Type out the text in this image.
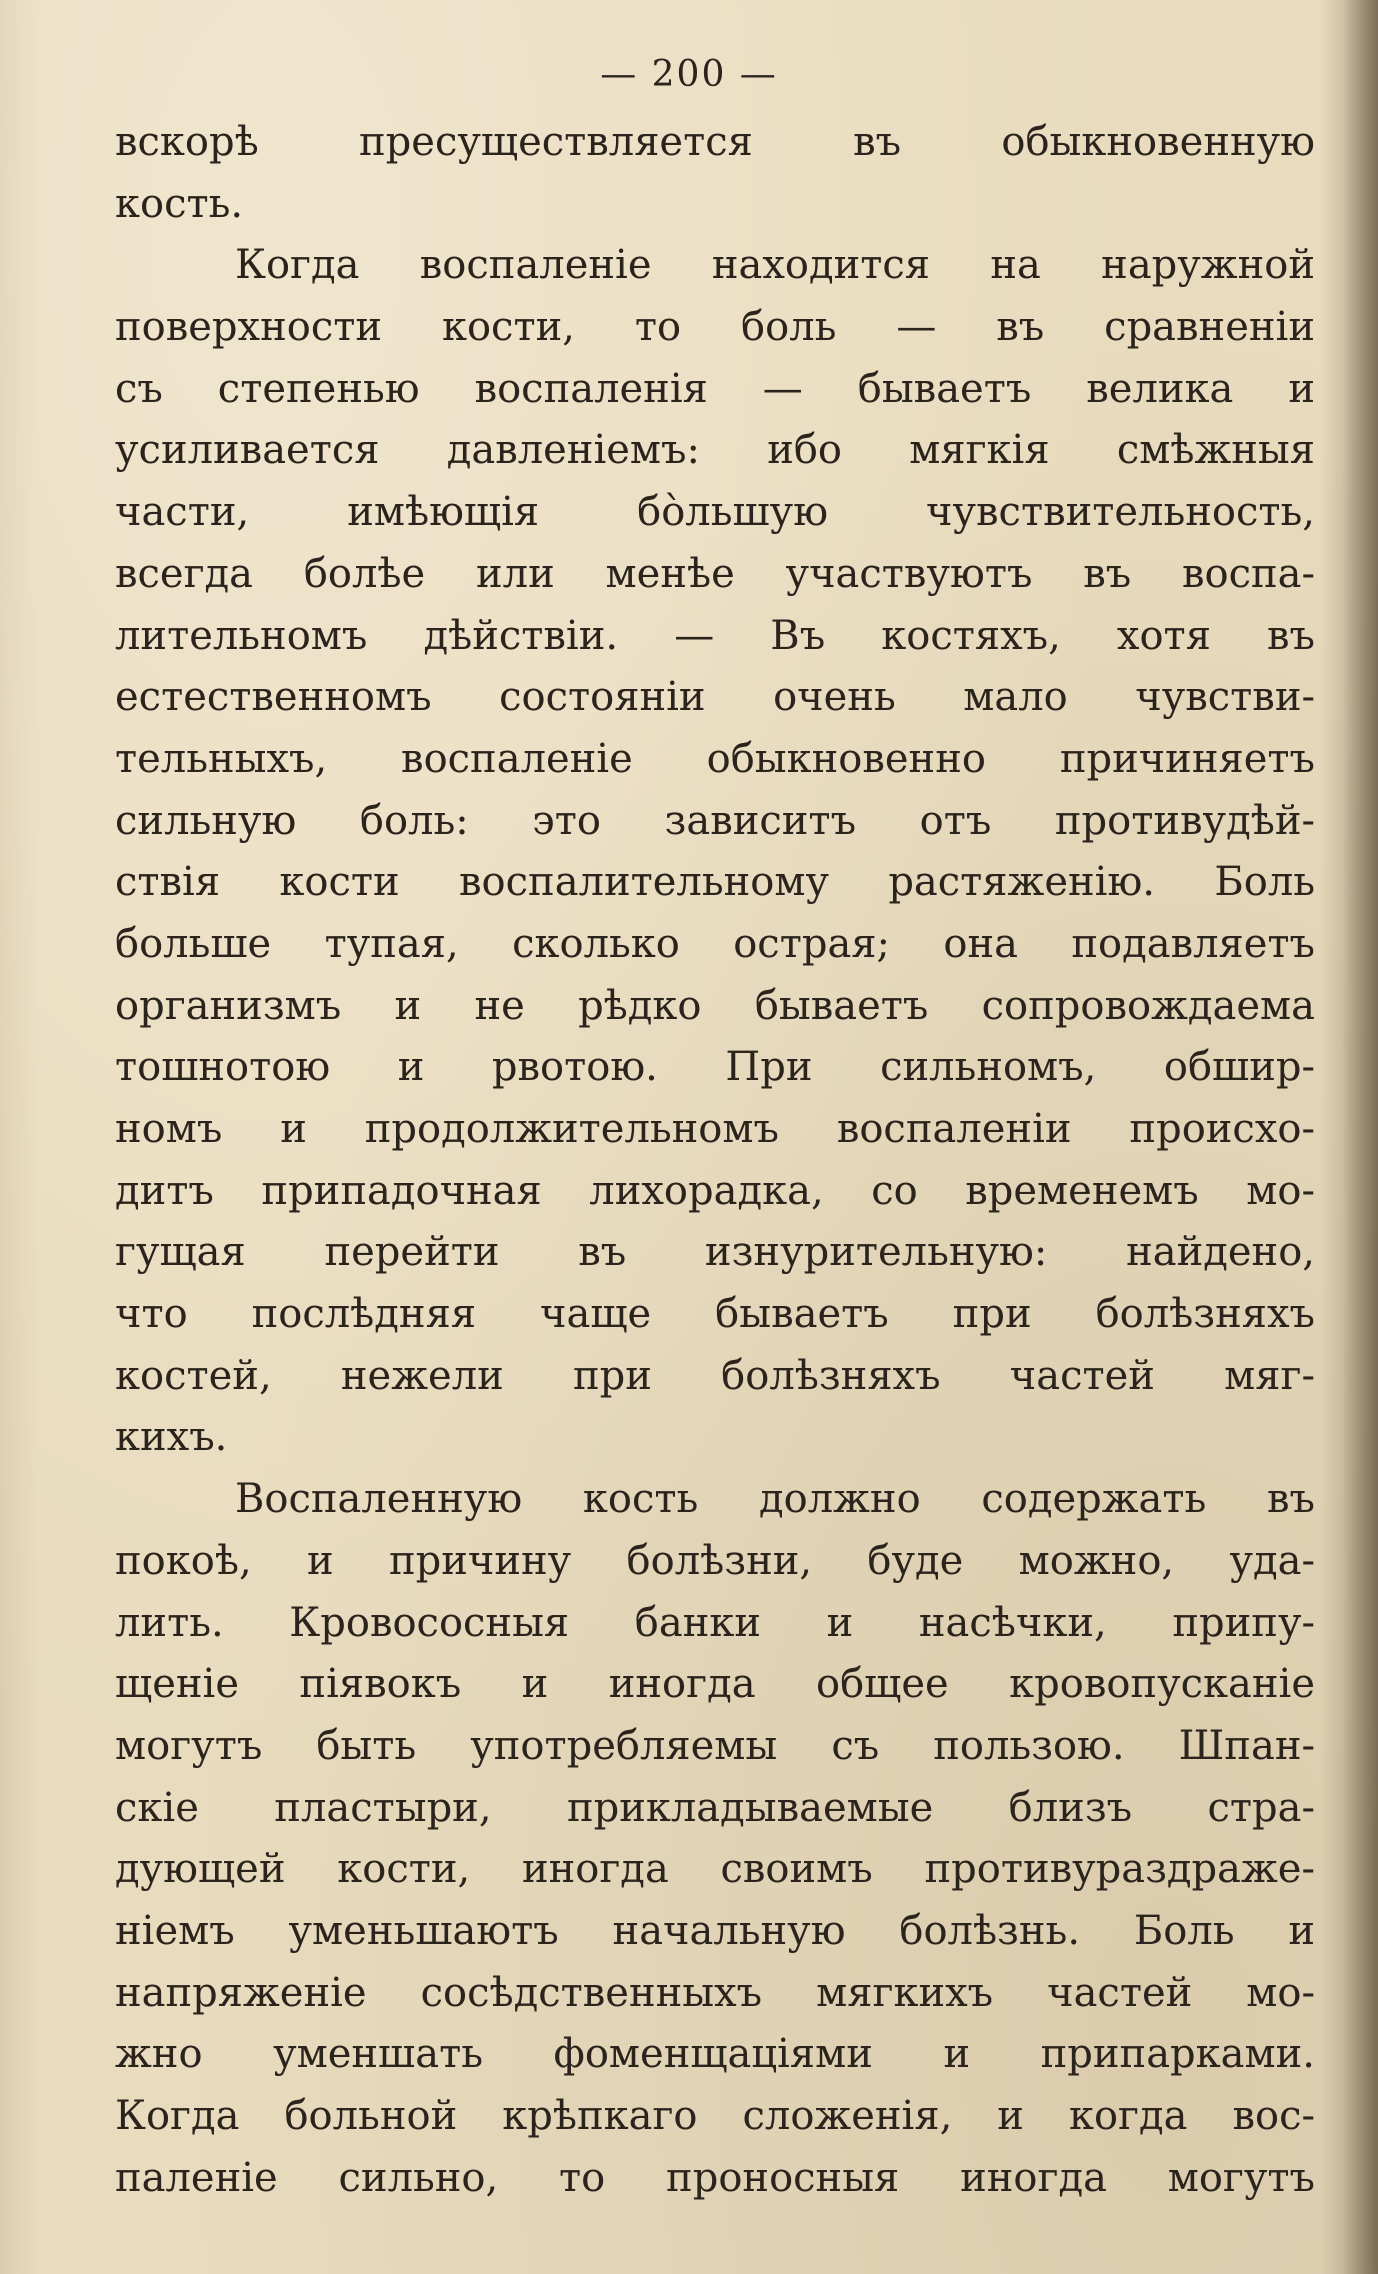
— 200 —
вскорѣ пресуществляется въ обыкновенную
кость.
Когда воспаленіе находится на наружной
поверхности кости, то боль — въ сравненіи
съ степенью воспаленія — бываетъ велика и
усиливается давленіемъ: ибо мягкія смѣжныя
части, имѣющія бо̀льшую чувствительность,
всегда болѣе или менѣе участвуютъ въ воспа-
лительномъ дѣйствіи. — Въ костяхъ, хотя въ
естественномъ состояніи очень мало чувстви-
тельныхъ, воспаленіе обыкновенно причиняетъ
сильную боль: это зависитъ отъ противудѣй-
ствія кости воспалительному растяженію. Боль
больше тупая, сколько острая; она подавляетъ
организмъ и не рѣдко бываетъ сопровождаема
тошнотою и рвотою. При сильномъ, обшир-
номъ и продолжительномъ воспаленіи происхо-
дитъ припадочная лихорадка, со временемъ мо-
гущая перейти въ изнурительную: найдено,
что послѣдняя чаще бываетъ при болѣзняхъ
костей, нежели при болѣзняхъ частей мяг-
кихъ.
Воспаленную кость должно содержать въ
покоѣ, и причину болѣзни, буде можно, уда-
лить. Кровососныя банки и насѣчки, припу-
щеніе піявокъ и иногда общее кровопусканіе
могутъ быть употребляемы съ пользою. Шпан-
скіе пластыри, прикладываемые близъ стра-
дующей кости, иногда своимъ противураздраже-
ніемъ уменьшаютъ начальную болѣзнь. Боль и
напряженіе сосѣдственныхъ мягкихъ частей мо-
жно уменшать фоменщаціями и припарками.
Когда больной крѣпкаго сложенія, и когда вос-
паленіе сильно, то проносныя иногда могутъ
